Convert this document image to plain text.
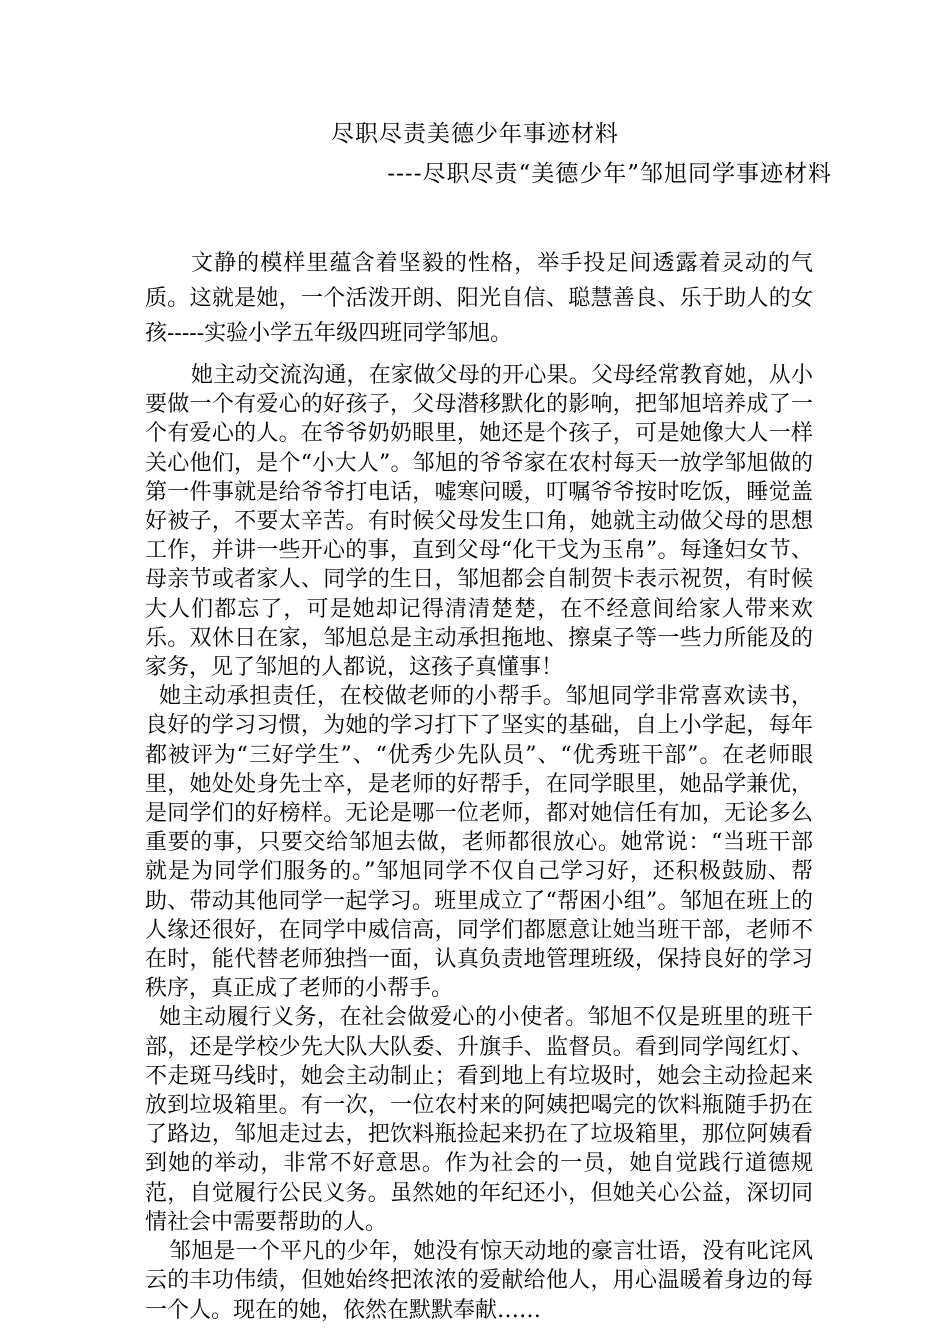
尽职尽责美德少年事迹材料
----尽职尽责“美德少年”邹旭同学事迹材料

文静的模样里蕴含着坚毅的性格，举手投足间透露着灵动的气质。这就是她，一个活泼开朗、阳光自信、聪慧善良、乐于助人的女孩-----实验小学五年级四班同学邹旭。

她主动交流沟通，在家做父母的开心果。父母经常教育她，从小要做一个有爱心的好孩子，父母潜移默化的影响，把邹旭培养成了一个有爱心的人。在爷爷奶奶眼里，她还是个孩子，可是她像大人一样关心他们，是个“小大人”。邹旭的爷爷家在农村每天一放学邹旭做的第一件事就是给爷爷打电话，嘘寒问暖，叮嘱爷爷按时吃饭，睡觉盖好被子，不要太辛苦。有时候父母发生口角，她就主动做父母的思想工作，并讲一些开心的事，直到父母“化干戈为玉帛”。每逢妇女节、母亲节或者家人、同学的生日，邹旭都会自制贺卡表示祝贺，有时候大人们都忘了，可是她却记得清清楚楚，在不经意间给家人带来欢乐。双休日在家，邹旭总是主动承担拖地、擦桌子等一些力所能及的家务，见了邹旭的人都说，这孩子真懂事！

她主动承担责任，在校做老师的小帮手。邹旭同学非常喜欢读书，良好的学习习惯，为她的学习打下了坚实的基础，自上小学起，每年都被评为“三好学生”、“优秀少先队员”、“优秀班干部”。在老师眼里，她处处身先士卒，是老师的好帮手，在同学眼里，她品学兼优，是同学们的好榜样。无论是哪一位老师，都对她信任有加，无论多么重要的事，只要交给邹旭去做，老师都很放心。她常说：“当班干部就是为同学们服务的。”邹旭同学不仅自己学习好，还积极鼓励、帮助、带动其他同学一起学习。班里成立了“帮困小组”。邹旭在班上的人缘还很好，在同学中威信高，同学们都愿意让她当班干部，老师不在时，能代替老师独挡一面，认真负责地管理班级，保持良好的学习秩序，真正成了老师的小帮手。

她主动履行义务，在社会做爱心的小使者。邹旭不仅是班里的班干部，还是学校少先大队大队委、升旗手、监督员。看到同学闯红灯、不走斑马线时，她会主动制止；看到地上有垃圾时，她会主动捡起来放到垃圾箱里。有一次，一位农村来的阿姨把喝完的饮料瓶随手扔在了路边，邹旭走过去，把饮料瓶捡起来扔在了垃圾箱里，那位阿姨看到她的举动，非常不好意思。作为社会的一员，她自觉践行道德规范，自觉履行公民义务。虽然她的年纪还小，但她关心公益，深切同情社会中需要帮助的人。

邹旭是一个平凡的少年，她没有惊天动地的豪言壮语，没有叱诧风云的丰功伟绩，但她始终把浓浓的爱献给他人，用心温暖着身边的每一个人。现在的她，依然在默默奉献……
